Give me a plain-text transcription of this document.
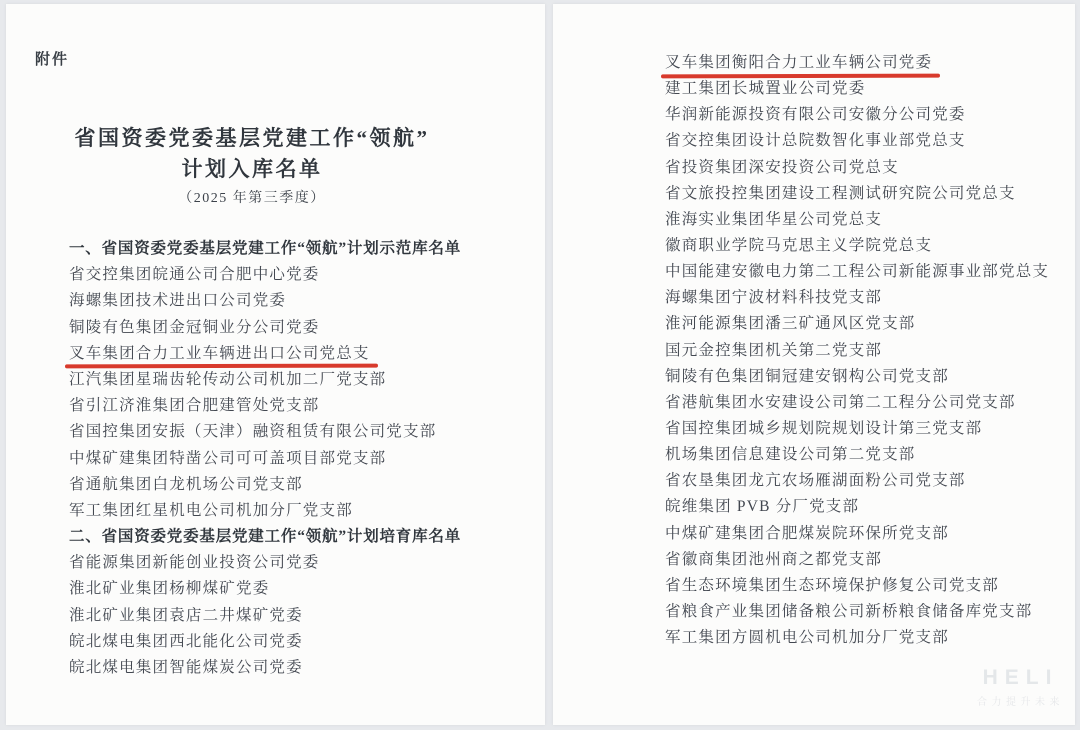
附件
省国资委党委基层党建工作“领航”
计划入库名单
（2025 年第三季度）
一、省国资委党委基层党建工作“领航”计划示范库名单
省交控集团皖通公司合肥中心党委
海螺集团技术进出口公司党委
铜陵有色集团金冠铜业分公司党委
叉车集团合力工业车辆进出口公司党总支
江汽集团星瑞齿轮传动公司机加二厂党支部
省引江济淮集团合肥建管处党支部
省国控集团安振（天津）融资租赁有限公司党支部
中煤矿建集团特凿公司可可盖项目部党支部
省通航集团白龙机场公司党支部
军工集团红星机电公司机加分厂党支部
二、省国资委党委基层党建工作“领航”计划培育库名单
省能源集团新能创业投资公司党委
淮北矿业集团杨柳煤矿党委
淮北矿业集团袁店二井煤矿党委
皖北煤电集团西北能化公司党委
皖北煤电集团智能煤炭公司党委
叉车集团衡阳合力工业车辆公司党委
建工集团长城置业公司党委
华润新能源投资有限公司安徽分公司党委
省交控集团设计总院数智化事业部党总支
省投资集团深安投资公司党总支
省文旅投控集团建设工程测试研究院公司党总支
淮海实业集团华星公司党总支
徽商职业学院马克思主义学院党总支
中国能建安徽电力第二工程公司新能源事业部党总支
海螺集团宁波材料科技党支部
淮河能源集团潘三矿通风区党支部
国元金控集团机关第二党支部
铜陵有色集团铜冠建安钢构公司党支部
省港航集团水安建设公司第二工程分公司党支部
省国控集团城乡规划院规划设计第三党支部
机场集团信息建设公司第二党支部
省农垦集团龙亢农场雁湖面粉公司党支部
皖维集团 PVB 分厂党支部
中煤矿建集团合肥煤炭院环保所党支部
省徽商集团池州商之都党支部
省生态环境集团生态环境保护修复公司党支部
省粮食产业集团储备粮公司新桥粮食储备库党支部
军工集团方圆机电公司机加分厂党支部
HELI
合力提升未来
